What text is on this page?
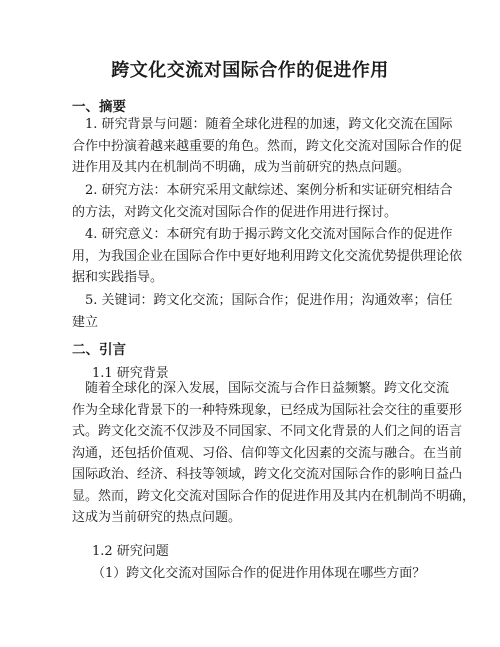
跨文化交流对国际合作的促进作用
一、摘要
　1. 研究背景与问题：随着全球化进程的加速，跨文化交流在国际
合作中扮演着越来越重要的角色。然而，跨文化交流对国际合作的促
进作用及其内在机制尚不明确，成为当前研究的热点问题。
　2. 研究方法：本研究采用文献综述、案例分析和实证研究相结合
的方法，对跨文化交流对国际合作的促进作用进行探讨。
　4. 研究意义：本研究有助于揭示跨文化交流对国际合作的促进作
用，为我国企业在国际合作中更好地利用跨文化交流优势提供理论依
据和实践指导。
　5. 关键词：跨文化交流；国际合作；促进作用；沟通效率；信任
建立
二、引言
1.1 研究背景
　随着全球化的深入发展，国际交流与合作日益频繁。跨文化交流
作为全球化背景下的一种特殊现象，已经成为国际社会交往的重要形
式。跨文化交流不仅涉及不同国家、不同文化背景的人们之间的语言
沟通，还包括价值观、习俗、信仰等文化因素的交流与融合。在当前
国际政治、经济、科技等领域，跨文化交流对国际合作的影响日益凸
显。然而，跨文化交流对国际合作的促进作用及其内在机制尚不明确，
这成为当前研究的热点问题。
1.2 研究问题
（1）跨文化交流对国际合作的促进作用体现在哪些方面？
